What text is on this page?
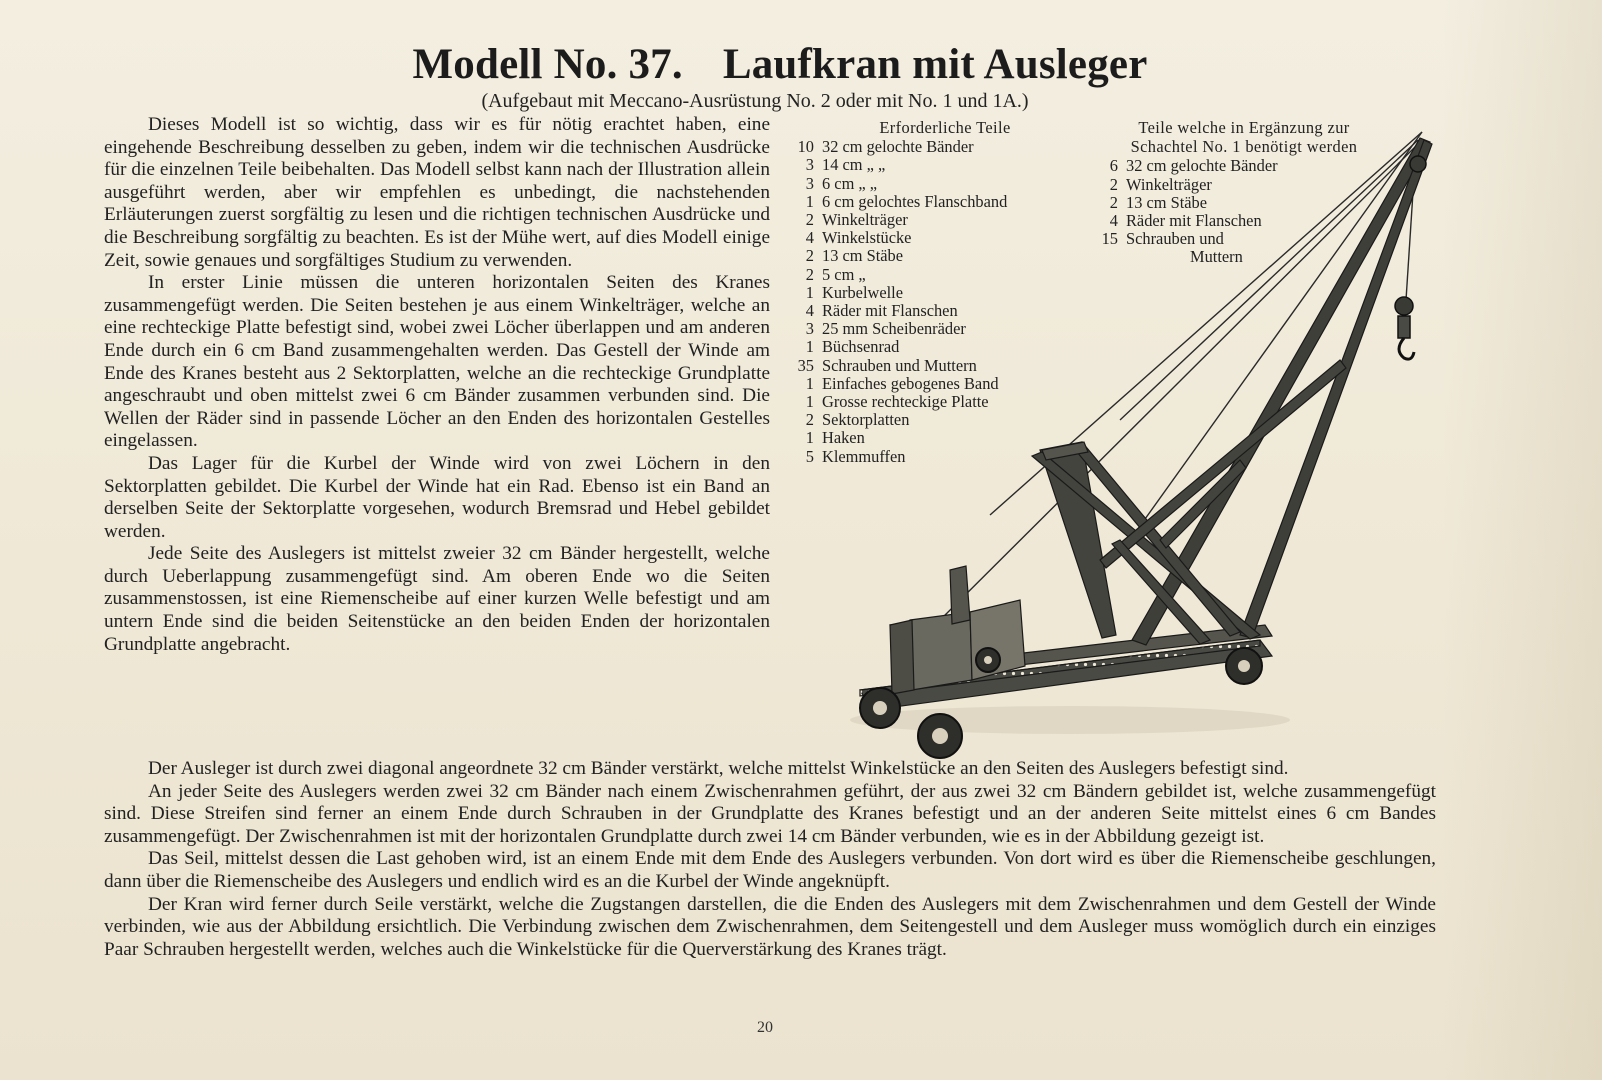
Modell No. 37. Laufkran mit Ausleger
(Aufgebaut mit Meccano-Ausrüstung No. 2 oder mit No. 1 und 1A.)

Dieses Modell ist so wichtig, dass wir es für nötig erachtet haben, eine eingehende Beschreibung desselben zu geben, indem wir die technischen Ausdrücke für die einzelnen Teile beibehalten. Das Modell selbst kann nach der Illustration allein ausgeführt werden, aber wir empfehlen es unbedingt, die nachstehenden Erläuterungen zuerst sorgfältig zu lesen und die richtigen technischen Ausdrücke und die Beschreibung sorgfältig zu beachten. Es ist der Mühe wert, auf dies Modell einige Zeit, sowie genaues und sorgfältiges Studium zu verwenden.

In erster Linie müssen die unteren horizontalen Seiten des Kranes zusammengefügt werden. Die Seiten bestehen je aus einem Winkelträger, welche an eine rechteckige Platte befestigt sind, wobei zwei Löcher überlappen und am anderen Ende durch ein 6 cm Band zusammengehalten werden. Das Gestell der Winde am Ende des Kranes besteht aus 2 Sektorplatten, welche an die rechteckige Grundplatte angeschraubt und oben mittelst zwei 6 cm Bänder zusammen verbunden sind. Die Wellen der Räder sind in passende Löcher an den Enden des horizontalen Gestelles eingelassen.

Das Lager für die Kurbel der Winde wird von zwei Löchern in den Sektorplatten gebildet. Die Kurbel der Winde hat ein Rad. Ebenso ist ein Band an derselben Seite der Sektorplatte vorgesehen, wodurch Bremsrad und Hebel gebildet werden.

Jede Seite des Auslegers ist mittelst zweier 32 cm Bänder hergestellt, welche durch Ueberlappung zusammengefügt sind. Am oberen Ende wo die Seiten zusammenstossen, ist eine Riemenscheibe auf einer kurzen Welle befestigt und am untern Ende sind die beiden Seitenstücke an den beiden Enden der horizontalen Grundplatte angebracht.

Erforderliche Teile
10 32 cm gelochte Bänder
3 14 cm „ „
3 6 cm „ „
1 6 cm gelochtes Flanschband
2 Winkelträger
4 Winkelstücke
2 13 cm Stäbe
2 5 cm „
1 Kurbelwelle
4 Räder mit Flanschen
3 25 mm Scheibenräder
1 Büchsenrad
35 Schrauben und Muttern
1 Einfaches gebogenes Band
1 Grosse rechteckige Platte
2 Sektorplatten
1 Haken
5 Klemmuffen
Teile welche in Ergänzung zur
Schachtel No. 1 benötigt werden
6 32 cm gelochte Bänder
2 Winkelträger
2 13 cm Stäbe
4 Räder mit Flanschen
15 Schrauben und
Muttern

Der Ausleger ist durch zwei diagonal angeordnete 32 cm Bänder verstärkt, welche mittelst Winkelstücke an den Seiten des Auslegers befestigt sind.

An jeder Seite des Auslegers werden zwei 32 cm Bänder nach einem Zwischenrahmen geführt, der aus zwei 32 cm Bändern gebildet ist, welche zusammengefügt sind. Diese Streifen sind ferner an einem Ende durch Schrauben in der Grundplatte des Kranes befestigt und an der anderen Seite mittelst eines 6 cm Bandes zusammengefügt. Der Zwischenrahmen ist mit der horizontalen Grundplatte durch zwei 14 cm Bänder verbunden, wie es in der Abbildung gezeigt ist.

Das Seil, mittelst dessen die Last gehoben wird, ist an einem Ende mit dem Ende des Auslegers verbunden. Von dort wird es über die Riemenscheibe geschlungen, dann über die Riemenscheibe des Auslegers und endlich wird es an die Kurbel der Winde angeknüpft.

Der Kran wird ferner durch Seile verstärkt, welche die Zugstangen darstellen, die die Enden des Auslegers mit dem Zwischenrahmen und dem Gestell der Winde verbinden, wie aus der Abbildung ersichtlich. Die Verbindung zwischen dem Zwischenrahmen, dem Seitengestell und dem Ausleger muss womöglich durch ein einziges Paar Schrauben hergestellt werden, welches auch die Winkelstücke für die Querverstärkung des Kranes trägt.

20
